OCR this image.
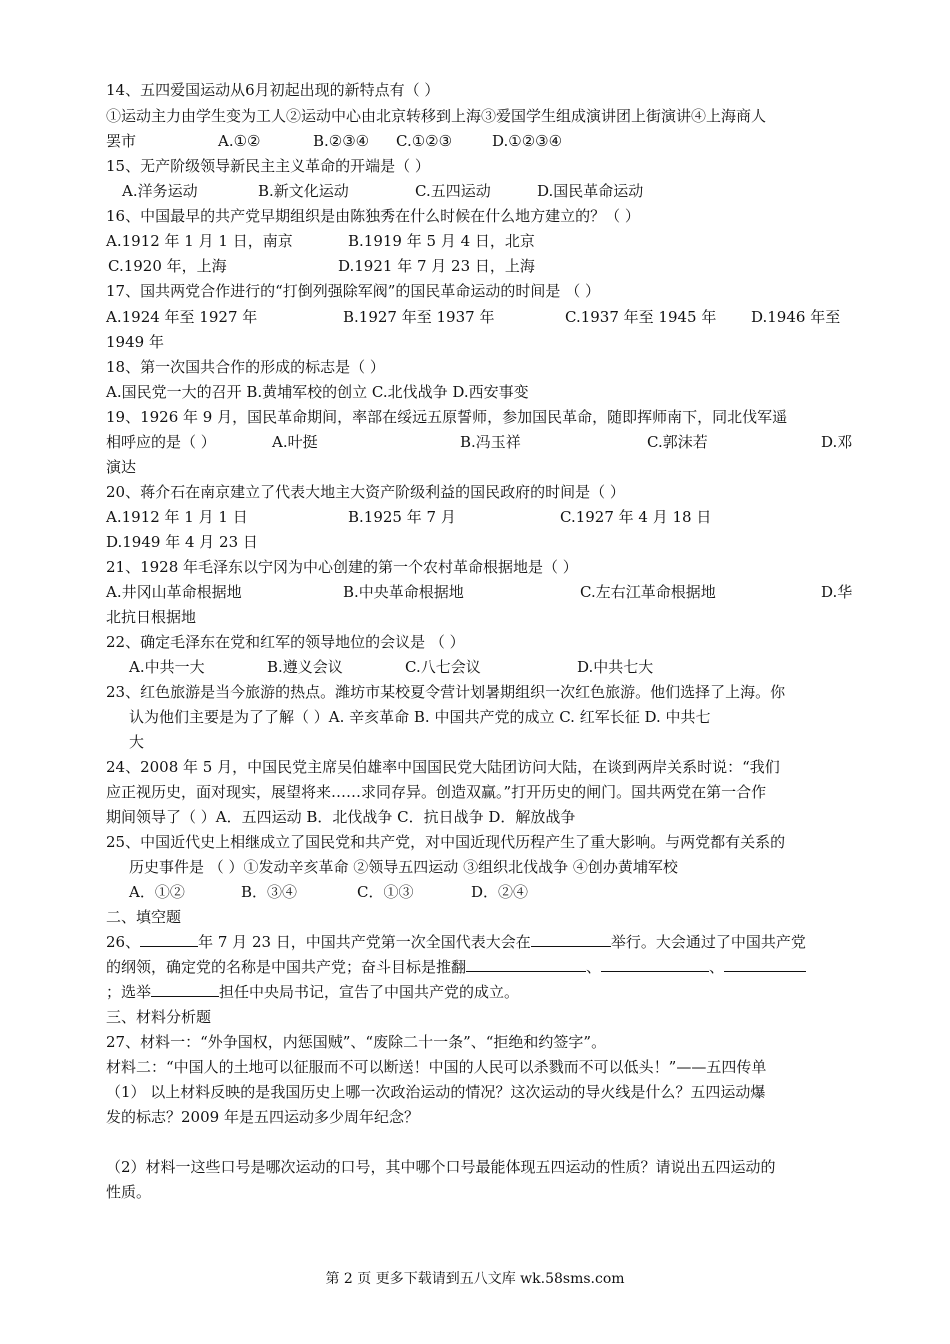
14、五四爱国运动从6月初起出现的新特点有（ ）
①运动主力由学生变为工人②运动中心由北京转移到上海③爱国学生组成演讲团上街演讲④上海商人
罢市	A.①②	B.②③④ C.①②③	D.①②③④
15、无产阶级领导新民主主义革命的开端是（ ）
A.洋务运动	B.新文化运动	C.五四运动	D.国民革命运动
16、中国最早的共产党早期组织是由陈独秀在什么时候在什么地方建立的？（ ）
A.1912 年 1 月 1 日，南京	B.1919 年 5 月 4 日，北京
C.1920 年，上海	D.1921 年 7 月 23 日，上海
17、国共两党合作进行的“打倒列强除军阀”的国民革命运动的时间是 （ ）
A.1924 年至 1927 年	B.1927 年至 1937 年	C.1937 年至 1945 年 D.1946 年至
1949 年
18、第一次国共合作的形成的标志是（ ）
A.国民党一大的召开 B.黄埔军校的创立 C.北伐战争 D.西安事变
19、1926 年 9 月，国民革命期间，率部在绥远五原誓师，参加国民革命，随即挥师南下，同北伐军遥
相呼应的是（ ）	A.叶挺	B.冯玉祥	C.郭沫若	D.邓
演达
20、蒋介石在南京建立了代表大地主大资产阶级利益的国民政府的时间是（ ）
A.1912 年 1 月 1 日	B.1925 年 7 月	C.1927 年 4 月 18 日
D.1949 年 4 月 23 日
21、1928 年毛泽东以宁冈为中心创建的第一个农村革命根据地是（ ）
A.井冈山革命根据地	B.中央革命根据地	C.左右江革命根据地	D.华
北抗日根据地
22、确定毛泽东在党和红军的领导地位的会议是 （ ）
A.中共一大	B.遵义会议	C.八七会议	D.中共七大
23、红色旅游是当今旅游的热点。潍坊市某校夏令营计划暑期组织一次红色旅游。他们选择了上海。你
认为他们主要是为了了解（ ）A. 辛亥革命 B. 中国共产党的成立 C. 红军长征 D. 中共七
大
24、2008 年 5 月，中国民党主席吴伯雄率中国国民党大陆团访问大陆，在谈到两岸关系时说：“我们
应正视历史，面对现实，展望将来……求同存异。创造双赢。”打开历史的闸门。国共两党在第一合作
期间领导了（ ）A．五四运动 B．北伐战争 C．抗日战争 D．解放战争
25、中国近代史上相继成立了国民党和共产党，对中国近现代历程产生了重大影响。与两党都有关系的
历史事件是 （ ）①发动辛亥革命 ②领导五四运动 ③组织北伐战争 ④创办黄埔军校
A．①②	B．③④	C．①③	D．②④
二、填空题
26、	年 7 月 23 日，中国共产党第一次全国代表大会在	举行。大会通过了中国共产党
的纲领，确定党的名称是中国共产党；奋斗目标是推翻	、	、
；选举	担任中央局书记，宣告了中国共产党的成立。
三、材料分析题
27、材料一：“外争国权，内惩国贼”、“废除二十一条”、“拒绝和约签字”。
材料二：“中国人的土地可以征服而不可以断送！中国的人民可以杀戮而不可以低头！”——五四传单
（1） 以上材料反映的是我国历史上哪一次政治运动的情况？这次运动的导火线是什么？五四运动爆
发的标志？2009 年是五四运动多少周年纪念？
（2）材料一这些口号是哪次运动的口号，其中哪个口号最能体现五四运动的性质？请说出五四运动的
性质。
第 2 页 更多下载请到五八文库 wk.58sms.com
